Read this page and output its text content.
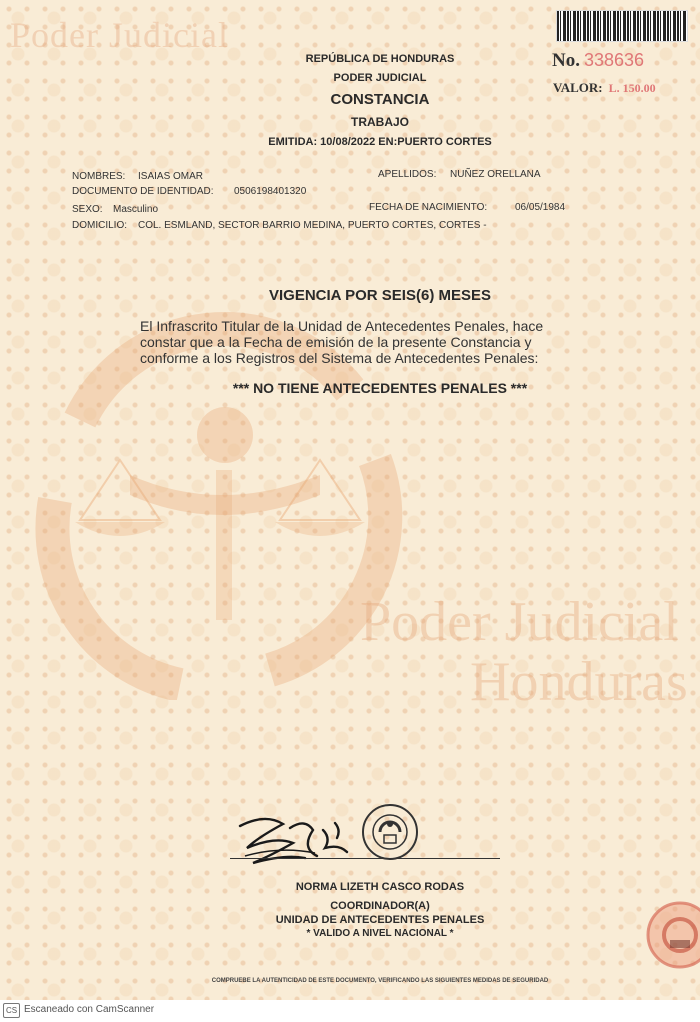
Poder Judicial
Poder Judicial
Honduras
No. 338636
VALOR: L. 150.00
REPÚBLICA DE HONDURAS
PODER JUDICIAL
CONSTANCIA
TRABAJO
EMITIDA: 10/08/2022 EN:PUERTO CORTES
NOMBRES: ISAIAS OMAR	APELLIDOS: NUÑEZ ORELLANA
DOCUMENTO DE IDENTIDAD: 0506198401320
SEXO: Masculino	FECHA DE NACIMIENTO:	06/05/1984
DOMICILIO: COL. ESMLAND, SECTOR BARRIO MEDINA, PUERTO CORTES, CORTES -
VIGENCIA POR SEIS(6) MESES
El Infrascrito Titular de la Unidad de Antecedentes Penales, hace constar que a la Fecha de emisión de la presente Constancia y conforme a los Registros del Sistema de Antecedentes Penales:
*** NO TIENE ANTECEDENTES PENALES ***
NORMA LIZETH CASCO RODAS
COORDINADOR(A)
UNIDAD DE ANTECEDENTES PENALES
* VALIDO A NIVEL NACIONAL *
COMPRUEBE LA AUTENTICIDAD DE ESTE DOCUMENTO, VERIFICANDO LAS SIGUIENTES MEDIDAS DE SEGURIDAD
CS Escaneado con CamScanner
